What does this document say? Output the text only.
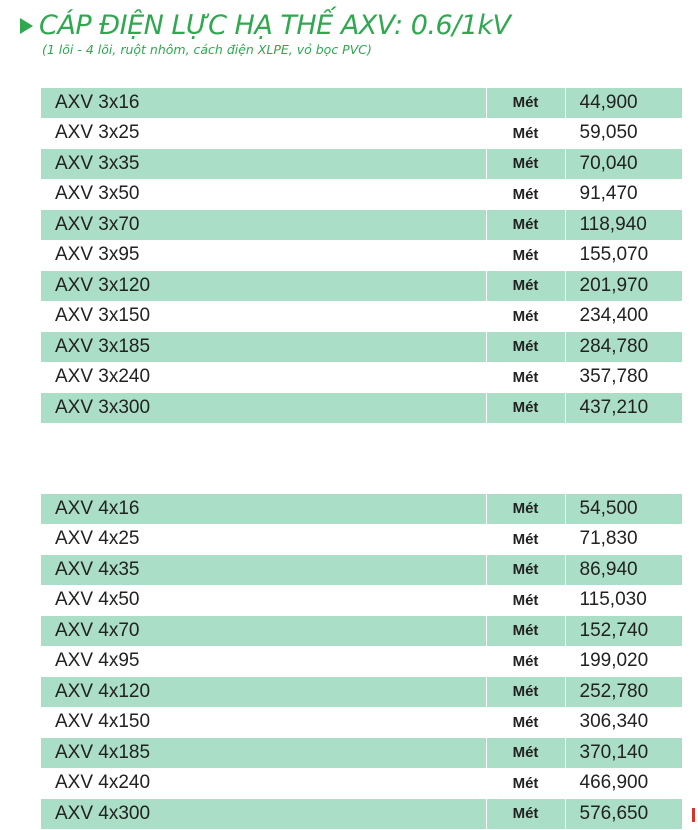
CÁP ĐIỆN LỰC HẠ THẾ AXV: 0.6/1kV
(1 lõi - 4 lõi, ruột nhôm, cách điện XLPE, vỏ bọc PVC)
AXV 3x16	Mét	44,900
AXV 3x25	Mét	59,050
AXV 3x35	Mét	70,040
AXV 3x50	Mét	91,470
AXV 3x70	Mét	118,940
AXV 3x95	Mét	155,070
AXV 3x120	Mét	201,970
AXV 3x150	Mét	234,400
AXV 3x185	Mét	284,780
AXV 3x240	Mét	357,780
AXV 3x300	Mét	437,210
AXV 4x16	Mét	54,500
AXV 4x25	Mét	71,830
AXV 4x35	Mét	86,940
AXV 4x50	Mét	115,030
AXV 4x70	Mét	152,740
AXV 4x95	Mét	199,020
AXV 4x120	Mét	252,780
AXV 4x150	Mét	306,340
AXV 4x185	Mét	370,140
AXV 4x240	Mét	466,900
AXV 4x300	Mét	576,650
